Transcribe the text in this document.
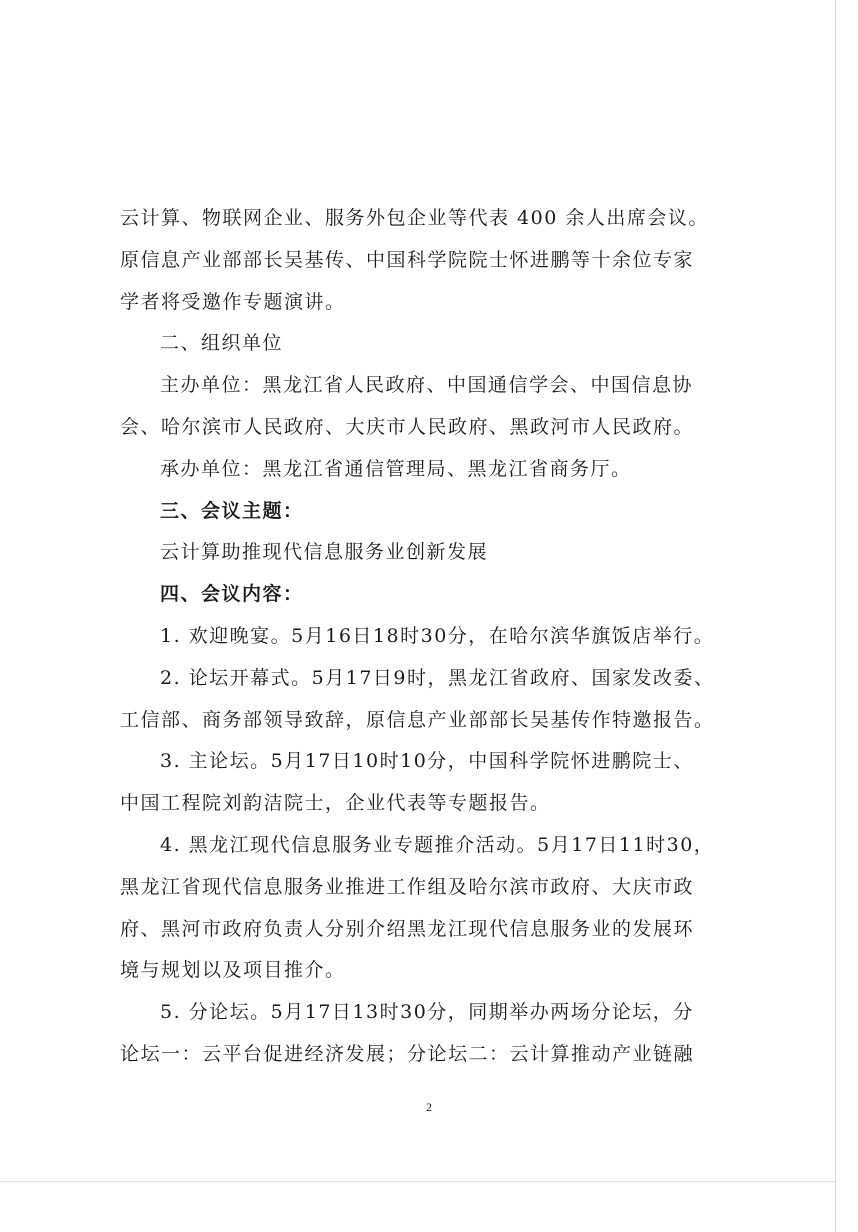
云计算、物联网企业、服务外包企业等代表 400 余人出席会议。
原信息产业部部长吴基传、中国科学院院士怀进鹏等十余位专家
学者将受邀作专题演讲。
二、组织单位
主办单位：黑龙江省人民政府、中国通信学会、中国信息协
会、哈尔滨市人民政府、大庆市人民政府、黑政河市人民政府。
承办单位：黑龙江省通信管理局、黑龙江省商务厅。
三、会议主题：
云计算助推现代信息服务业创新发展
四、会议内容：
1. 欢迎晚宴。5月16日18时30分，在哈尔滨华旗饭店举行。
2. 论坛开幕式。5月17日9时，黑龙江省政府、国家发改委、
工信部、商务部领导致辞，原信息产业部部长吴基传作特邀报告。
3. 主论坛。5月17日10时10分，中国科学院怀进鹏院士、
中国工程院刘韵洁院士，企业代表等专题报告。
4. 黑龙江现代信息服务业专题推介活动。5月17日11时30，
黑龙江省现代信息服务业推进工作组及哈尔滨市政府、大庆市政
府、黑河市政府负责人分别介绍黑龙江现代信息服务业的发展环
境与规划以及项目推介。
5. 分论坛。5月17日13时30分，同期举办两场分论坛，分
论坛一：云平台促进经济发展；分论坛二：云计算推动产业链融
2
